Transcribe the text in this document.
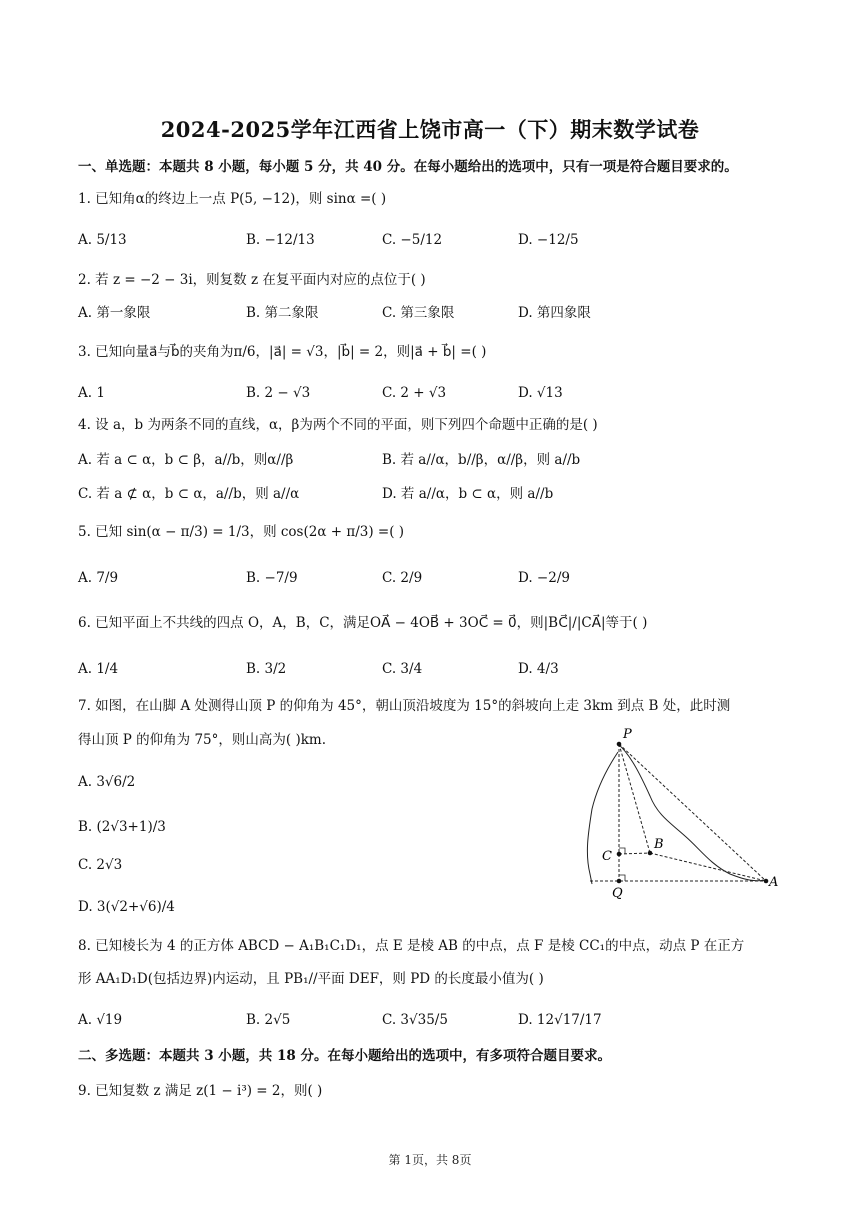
2024-2025学年江西省上饶市高一（下）期末数学试卷
一、单选题：本题共 8 小题，每小题 5 分，共 40 分。在每小题给出的选项中，只有一项是符合题目要求的。
1. 已知角α的终边上一点 P(5, −12)，则 sinα =( )
A. 5/13	B. −12/13	C. −5/12	D. −12/5
2. 若 z = −2 − 3i，则复数 z 在复平面内对应的点位于( )
A. 第一象限	B. 第二象限	C. 第三象限	D. 第四象限
3. 已知向量a⃗与b⃗的夹角为π/6，|a⃗| = √3，|b⃗| = 2，则|a⃗ + b⃗| =( )
A. 1	B. 2 − √3	C. 2 + √3	D. √13
4. 设 a，b 为两条不同的直线，α，β为两个不同的平面，则下列四个命题中正确的是( )
A. 若 a ⊂ α，b ⊂ β，a//b，则α//β	B. 若 a//α，b//β，α//β，则 a//b
C. 若 a ⊄ α，b ⊂ α，a//b，则 a//α	D. 若 a//α，b ⊂ α，则 a//b
5. 已知 sin(α − π/3) = 1/3，则 cos(2α + π/3) =( )
A. 7/9	B. −7/9	C. 2/9	D. −2/9
6. 已知平面上不共线的四点 O，A，B，C，满足OA⃗ − 4OB⃗ + 3OC⃗ = 0⃗，则|BC⃗|/|CA⃗|等于( )
A. 1/4	B. 3/2	C. 3/4	D. 4/3
7. 如图，在山脚 A 处测得山顶 P 的仰角为 45°，朝山顶沿坡度为 15°的斜坡向上走 3km 到点 B 处，此时测
得山顶 P 的仰角为 75°，则山高为( )km.
A. 3√6/2
B. (2√3+1)/3
C. 2√3
D. 3(√2+√6)/4
P
B
C
Q
A
8. 已知棱长为 4 的正方体 ABCD − A₁B₁C₁D₁，点 E 是棱 AB 的中点，点 F 是棱 CC₁的中点，动点 P 在正方
形 AA₁D₁D(包括边界)内运动，且 PB₁//平面 DEF，则 PD 的长度最小值为( )
A. √19	B. 2√5	C. 3√35/5	D. 12√17/17
二、多选题：本题共 3 小题，共 18 分。在每小题给出的选项中，有多项符合题目要求。
9. 已知复数 z 满足 z(1 − i³) = 2，则( )
第 1页，共 8页
